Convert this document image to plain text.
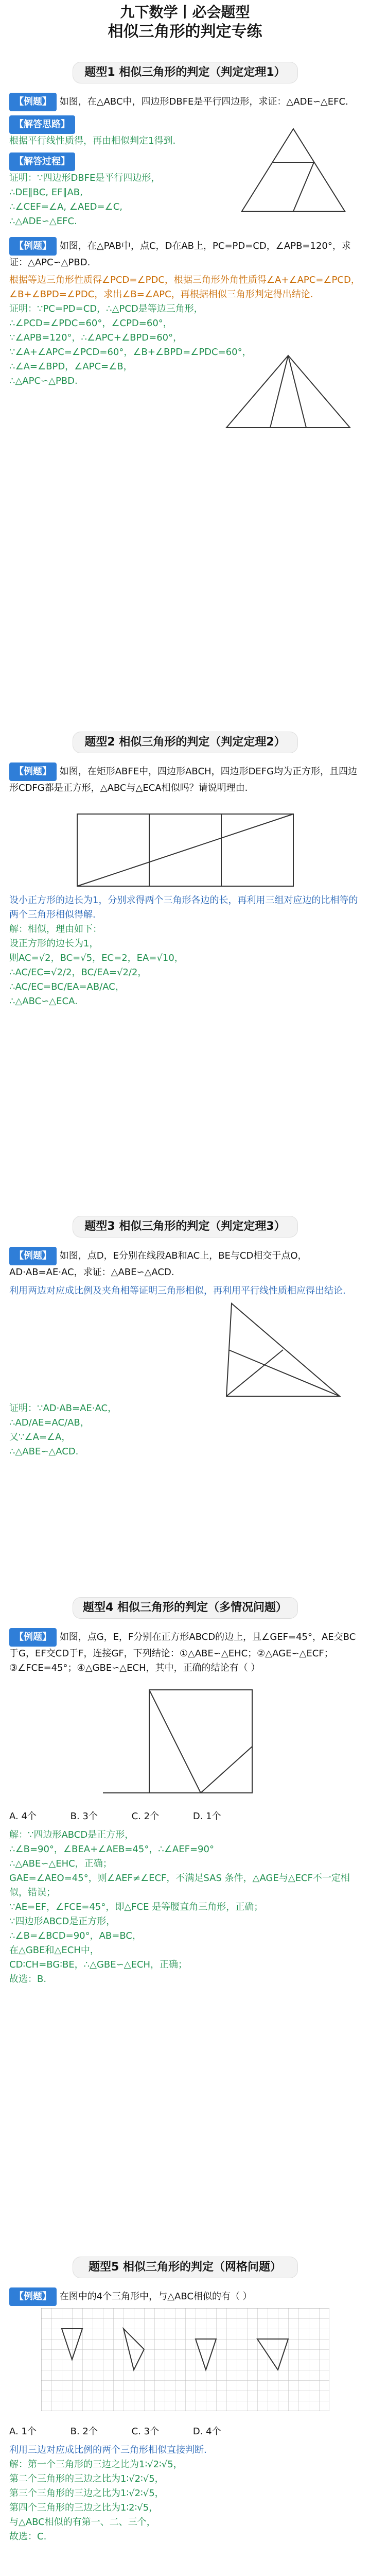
九下数学丨必会题型
相似三角形的判定专练
题型1 相似三角形的判定（判定定理1）
【例题】 如图，在△ABC中，四边形DBFE是平行四边形，求证：△ADE∽△EFC.
【解答思路】
根据平行线性质得，再由相似判定1得到.
【解答过程】
证明：∵四边形DBFE是平行四边形，
∴DE∥BC, EF∥AB,
∴∠CEF=∠A, ∠AED=∠C,
∴△ADE∽△EFC.
【例题】 如图，在△PAB中，点C，D在AB上，PC=PD=CD，∠APB=120°，求证：△APC∽△PBD.
根据等边三角形性质得∠PCD=∠PDC，根据三角形外角性质得∠A+∠APC=∠PCD，∠B+∠BPD=∠PDC，求出∠B=∠APC，再根据相似三角形判定得出结论.
证明：∵PC=PD=CD，∴△PCD是等边三角形，
∴∠PCD=∠PDC=60°，∠CPD=60°，
∵∠APB=120°，∴∠APC+∠BPD=60°，
∵∠A+∠APC=∠PCD=60°，∠B+∠BPD=∠PDC=60°，
∴∠A=∠BPD，∠APC=∠B，
∴△APC∽△PBD.
题型2 相似三角形的判定（判定定理2）
【例题】 如图，在矩形ABFE中，四边形ABCH，四边形DEFG均为正方形，且四边形CDFG都是正方形，△ABC与△ECA相似吗？请说明理由.
设小正方形的边长为1，分别求得两个三角形各边的长，再利用三组对应边的比相等的两个三角形相似得解.
解：相似，理由如下：
设正方形的边长为1，
则AC=√2，BC=√5，EC=2，EA=√10，
∴AC/EC=√2/2，BC/EA=√2/2，
∴AC/EC=BC/EA=AB/AC，
∴△ABC∽△ECA.
题型3 相似三角形的判定（判定定理3）
【例题】 如图，点D，E分别在线段AB和AC上，BE与CD相交于点O，AD·AB=AE·AC，求证：△ABE∽△ACD.
利用两边对应成比例及夹角相等证明三角形相似，再利用平行线性质相应得出结论.
证明：∵AD·AB=AE·AC，
∴AD/AE=AC/AB，
又∵∠A=∠A，
∴△ABE∽△ACD.
题型4 相似三角形的判定（多情况问题）
【例题】 如图，点G，E，F分别在正方形ABCD的边上，且∠GEF=45°，AE交BC于G，EF交CD于F，连接GF，下列结论：①△ABE∽△EHC；②△AGE∽△ECF；③∠FCE=45°；④△GBE∽△ECH，其中，正确的结论有（ ）
A. 4个	B. 3个	C. 2个	D. 1个
解：∵四边形ABCD是正方形，
∴∠B=90°，∠BEA+∠AEB=45°，∴∠AEF=90°
∴△ABE∽△EHC，正确；
GAE=∠AEO=45°，则∠AEF≠∠ECF，不满足SAS 条件，△AGE与△ECF不一定相似，错误；
∵AE=EF，∠FCE=45°，即△FCE 是等腰直角三角形，正确；
∵四边形ABCD是正方形，
∴∠B=∠BCD=90°，AB=BC，
在△GBE和△ECH中，
CD∶CH=BG∶BE，∴△GBE∽△ECH，正确；
故选：B.
题型5 相似三角形的判定（网格问题）
【例题】 在图中的4个三角形中，与△ABC相似的有（ ）
A. 1个	B. 2个	C. 3个	D. 4个
利用三边对应成比例的两个三角形相似直接判断.
解：第一个三角形的三边之比为1∶√2∶√5，
第二个三角形的三边之比为1∶√2∶√5，
第三个三角形的三边之比为1∶√2∶√5，
第四个三角形的三边之比为1∶2∶√5，
与△ABC相似的有第一、二、三个，
故选：C.
